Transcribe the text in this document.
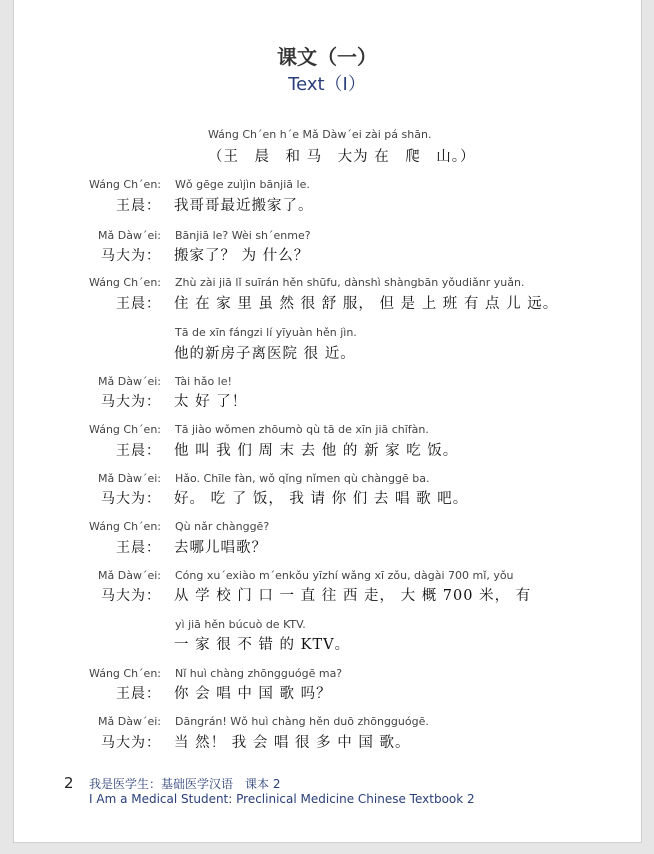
课文（一）
Text（Ⅰ）
Wáng Ch´en h´e Mǎ Dàw´ei zài pá shān.
（王　晨　和 马　大为 在　爬　山。）
Wáng Ch´en:
王晨：
Wǒ gēge zuìjìn bānjiā le.
我哥哥最近搬家了。
Mǎ Dàw´ei:
马大为：
Bānjiā le? Wèi sh´enme?
搬家了？ 为 什么？
Wáng Ch´en:
王晨：
Zhù zài jiā lǐ suīrán hěn shūfu, dànshì shàngbān yǒudiǎnr yuǎn.
住 在 家 里 虽 然 很 舒 服， 但 是 上 班 有 点 儿 远。
Tā de xīn fángzi lí yīyuàn hěn jìn.
他的新房子离医院 很 近。
Mǎ Dàw´ei:
马大为：
Tài hǎo le!
太 好 了！
Wáng Ch´en:
王晨：
Tā jiào wǒmen zhōumò qù tā de xīn jiā chīfàn.
他 叫 我 们 周 末 去 他 的 新 家 吃 饭。
Mǎ Dàw´ei:
马大为：
Hǎo. Chīle fàn, wǒ qǐng nǐmen qù chànggē ba.
好。 吃 了 饭， 我 请 你 们 去 唱 歌 吧。
Wáng Ch´en:
王晨：
Qù nǎr chànggē?
去哪儿唱歌？
Mǎ Dàw´ei:
马大为：
Cóng xu´exiào m´enkǒu yīzhí wǎng xī zǒu, dàgài 700 mǐ, yǒu
从 学 校 门 口 一 直 往 西 走， 大 概 700 米， 有
yì jiā hěn búcuò de KTV.
一 家 很 不 错 的 KTV。
Wáng Ch´en:
王晨：
Nǐ huì chàng zhōngguógē ma?
你 会 唱 中 国 歌 吗？
Mǎ Dàw´ei:
马大为：
Dāngrán! Wǒ huì chàng hěn duō zhōngguógē.
当 然！ 我 会 唱 很 多 中 国 歌。
2 我是医学生：基础医学汉语　课本 2
I Am a Medical Student: Preclinical Medicine Chinese Textbook 2
